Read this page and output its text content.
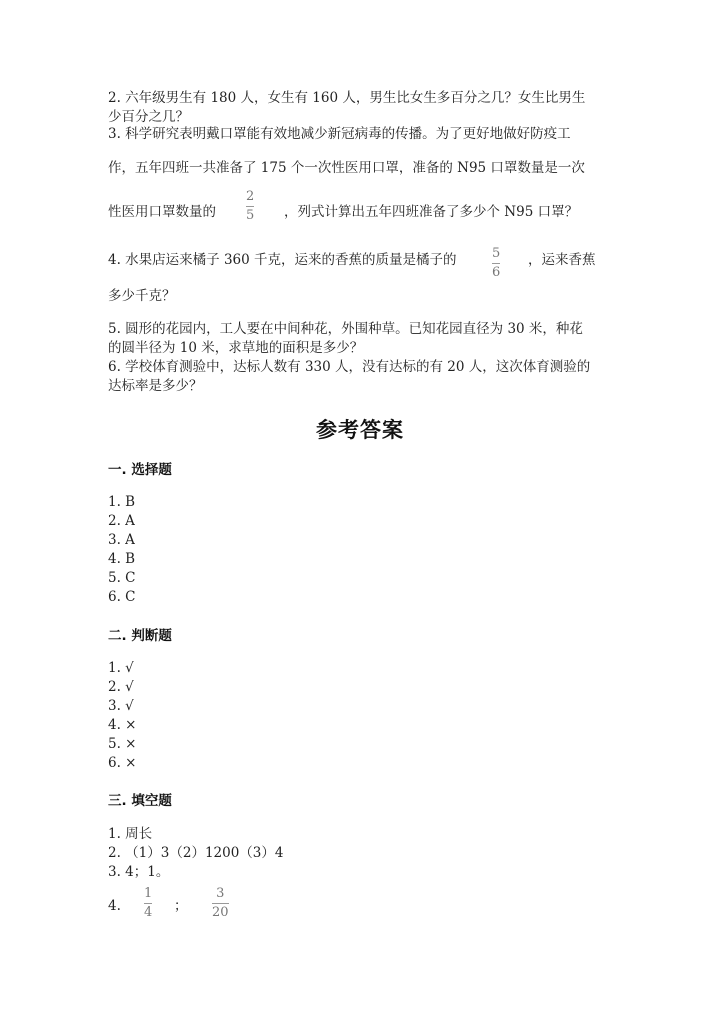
2. 六年级男生有 180 人，女生有 160 人，男生比女生多百分之几？女生比男生
少百分之几？
3. 科学研究表明戴口罩能有效地减少新冠病毒的传播。为了更好地做好防疫工
作，五年四班一共准备了 175 个一次性医用口罩，准备的 N95 口罩数量是一次
性医用口罩数量的
2
5 ，列式计算出五年四班准备了多少个 N95 口罩？
4. 水果店运来橘子 360 千克，运来的香蕉的质量是橘子的	5
6
，运来香蕉
多少千克？
5. 圆形的花园内，工人要在中间种花，外围种草。已知花园直径为 30 米，种花
的圆半径为 10 米，求草地的面积是多少？
6. 学校体育测验中，达标人数有 330 人，没有达标的有 20 人，这次体育测验的
达标率是多少？
参考答案
一. 选择题
1. B
2. A
3. A
4. B
5. C
6. C
二. 判断题
1. √
2. √
3. √
4. ×
5. ×
6. ×
三. 填空题
1. 周长
2. （1）3（2）1200（3）4
3. 4；1。
4.
1
4 ；
3
20
